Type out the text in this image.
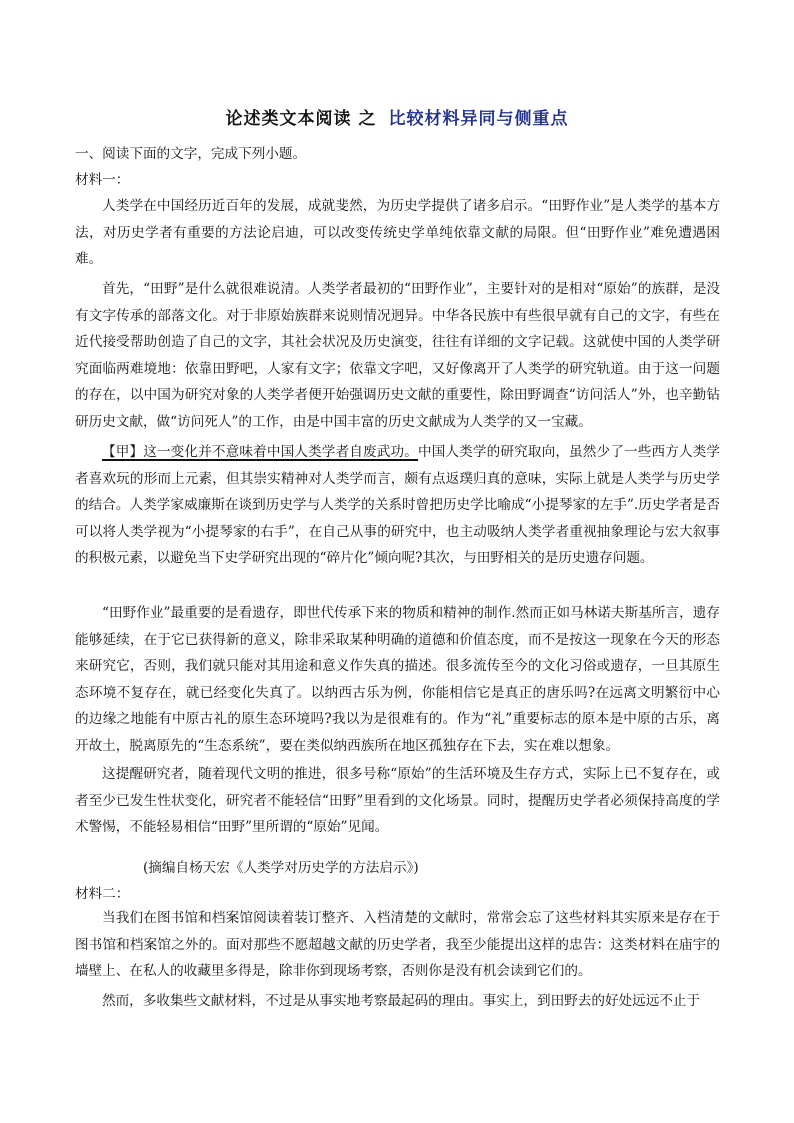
论述类文本阅读 之 比较材料异同与侧重点
一、阅读下面的文字，完成下列小题。
材料一：

人类学在中国经历近百年的发展，成就斐然，为历史学提供了诸多启示。“田野作业”是人类学的基本方法，对历史学者有重要的方法论启迪，可以改变传统史学单纯依靠文献的局限。但“田野作业”难免遭遇困难。

首先，“田野”是什么就很难说清。人类学者最初的“田野作业”，主要针对的是相对“原始”的族群，是没有文字传承的部落文化。对于非原始族群来说则情况迥异。中华各民族中有些很早就有自己的文字，有些在近代接受帮助创造了自己的文字，其社会状况及历史演变，往往有详细的文字记载。这就使中国的人类学研究面临两难境地：依靠田野吧，人家有文字；依靠文字吧，又好像离开了人类学的研究轨道。由于这一问题的存在，以中国为研究对象的人类学者便开始强调历史文献的重要性，除田野调查“访问活人”外，也辛勤钻研历史文献，做“访问死人”的工作，由是中国丰富的历史文献成为人类学的又一宝藏。

【甲】这一变化并不意味着中国人类学者自废武功。中国人类学的研究取向，虽然少了一些西方人类学者喜欢玩的形而上元素，但其崇实精神对人类学而言，颇有点返璞归真的意味，实际上就是人类学与历史学的结合。人类学家威廉斯在谈到历史学与人类学的关系时曾把历史学比喻成“小提琴家的左手”.历史学者是否可以将人类学视为“小提琴家的右手”，在自己从事的研究中，也主动吸纳人类学者重视抽象理论与宏大叙事的积极元素，以避免当下史学研究出现的“碎片化”倾向呢?其次，与田野相关的是历史遗存问题。

“田野作业”最重要的是看遗存，即世代传承下来的物质和精神的制作.然而正如马林诺夫斯基所言，遗存能够延续，在于它已获得新的意义，除非采取某种明确的道德和价值态度，而不是按这一现象在今天的形态来研究它，否则，我们就只能对其用途和意义作失真的描述。很多流传至今的文化习俗或遗存，一旦其原生态环境不复存在，就已经变化失真了。以纳西古乐为例，你能相信它是真正的唐乐吗?在远离文明繁衍中心的边缘之地能有中原古礼的原生态环境吗?我以为是很难有的。作为“礼”重要标志的原本是中原的古乐，离开故土，脱离原先的“生态系统”，要在类似纳西族所在地区孤独存在下去，实在难以想象。

这提醒研究者，随着现代文明的推进，很多号称“原始”的生活环境及生存方式，实际上已不复存在，或者至少已发生性状变化，研究者不能轻信“田野”里看到的文化场景。同时，提醒历史学者必须保持高度的学术警惕，不能轻易相信“田野”里所谓的“原始”见闻。

(摘编自杨天宏《人类学对历史学的方法启示》)
材料二：

当我们在图书馆和档案馆阅读着装订整齐、入档清楚的文献时，常常会忘了这些材料其实原来是存在于图书馆和档案馆之外的。面对那些不愿超越文献的历史学者，我至少能提出这样的忠告：这类材料在庙宇的墙壁上、在私人的收藏里多得是，除非你到现场考察，否则你是没有机会读到它们的。

然而，多收集些文献材料，不过是从事实地考察最起码的理由。事实上，到田野去的好处远远不止于
